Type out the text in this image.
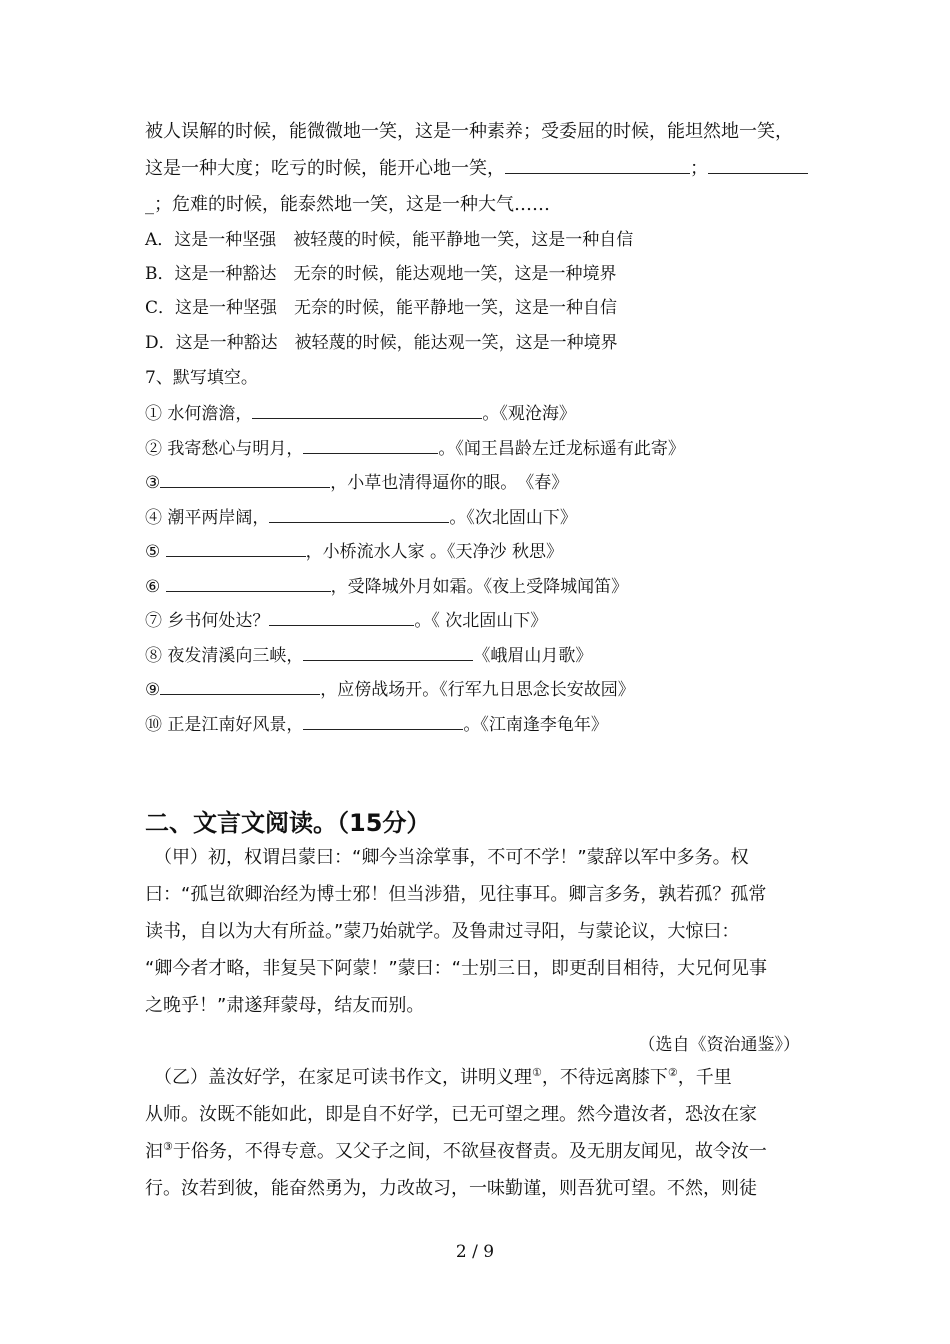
被人误解的时候，能微微地一笑，这是一种素养；受委屈的时候，能坦然地一笑，
这是一种大度；吃亏的时候，能开心地一笑，	；
_；危难的时候，能泰然地一笑，这是一种大气……
A．这是一种坚强　被轻蔑的时候，能平静地一笑，这是一种自信
B．这是一种豁达　无奈的时候，能达观地一笑，这是一种境界
C．这是一种坚强　无奈的时候，能平静地一笑，这是一种自信
D．这是一种豁达　被轻蔑的时候，能达观一笑，这是一种境界
7、默写填空。
① 水何澹澹，	。《观沧海》
② 我寄愁心与明月，	。《闻王昌龄左迁龙标遥有此寄》
③	，小草也清得逼你的眼。　《春》
④ 潮平两岸阔，	。《次北固山下》
⑤	，小桥流水人家 。《天净沙 秋思》
⑥	，受降城外月如霜。《夜上受降城闻笛》
⑦ 乡书何处达？	。《 次北固山下》
⑧ 夜发清溪向三峡，	《峨眉山月歌》
⑨	，应傍战场开。《行军九日思念长安故园》
⑩ 正是江南好风景，	。《江南逢李龟年》
二、文言文阅读。（15分）
　（甲）初，权谓吕蒙曰：“卿今当涂掌事，不可不学！”蒙辞以军中多务。权
曰：“孤岂欲卿治经为博士邪！但当涉猎，见往事耳。卿言多务，孰若孤？孤常
读书，自以为大有所益。”蒙乃始就学。及鲁肃过寻阳，与蒙论议，大惊曰：
“卿今者才略，非复吴下阿蒙！”蒙曰：“士别三日，即更刮目相待，大兄何见事
之晚乎！”肃遂拜蒙母，结友而别。
（选自《资治通鉴》）
　（乙）盖汝好学，在家足可读书作文，讲明义理①，不待远离膝下②，千里
从师。汝既不能如此，即是自不好学，已无可望之理。然今遣汝者，恐汝在家
汩③于俗务，不得专意。又父子之间，不欲昼夜督责。及无朋友闻见，故令汝一
行。汝若到彼，能奋然勇为，力改故习，一味勤谨，则吾犹可望。不然，则徒
2 / 9
